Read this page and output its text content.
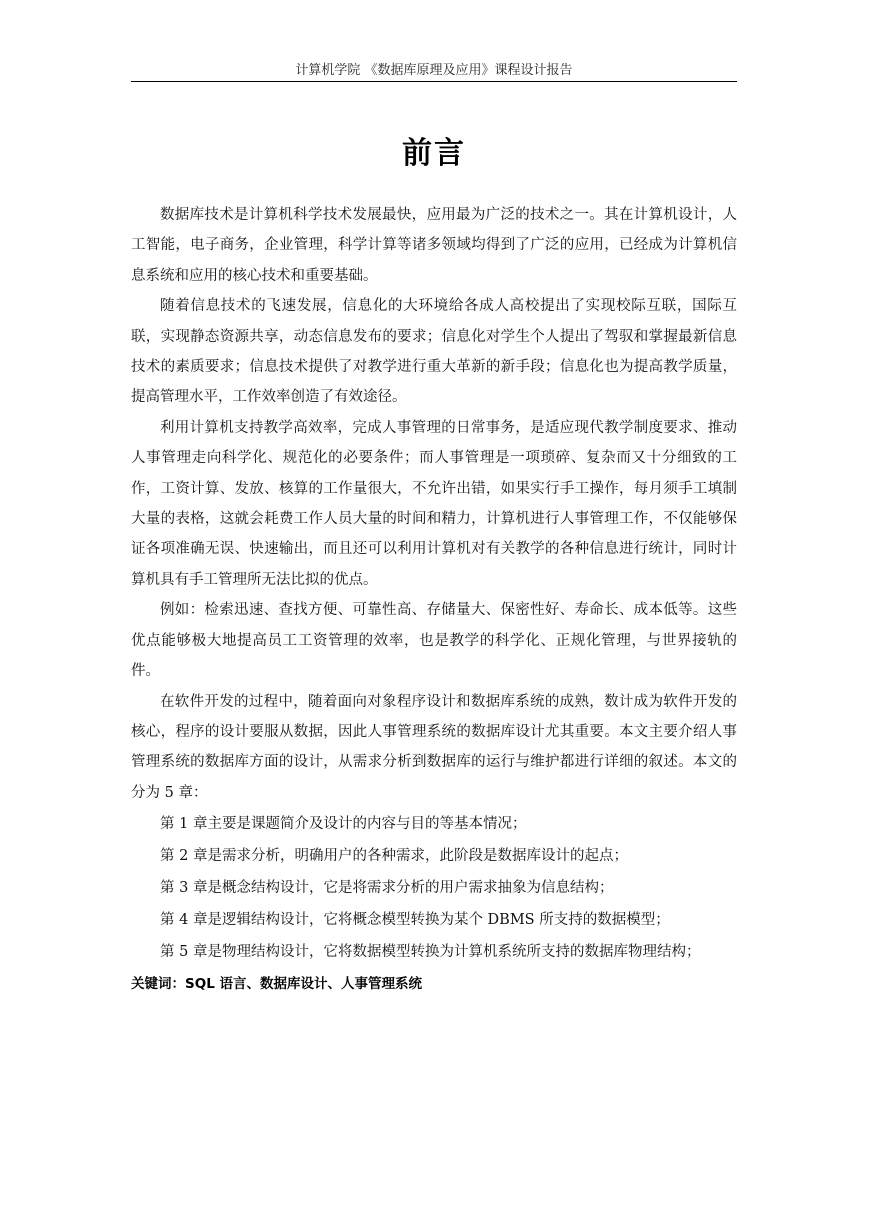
计算机学院 《数据库原理及应用》课程设计报告
前言

数据库技术是计算机科学技术发展最快，应用最为广泛的技术之一。其在计算机设计，人工智能，电子商务，企业管理，科学计算等诸多领域均得到了广泛的应用，已经成为计算机信息系统和应用的核心技术和重要基础。

随着信息技术的飞速发展，信息化的大环境给各成人高校提出了实现校际互联，国际互联，实现静态资源共享，动态信息发布的要求；信息化对学生个人提出了驾驭和掌握最新信息技术的素质要求；信息技术提供了对教学进行重大革新的新手段；信息化也为提高教学质量，提高管理水平，工作效率创造了有效途径。

利用计算机支持教学高效率，完成人事管理的日常事务，是适应现代教学制度要求、推动人事管理走向科学化、规范化的必要条件；而人事管理是一项琐碎、复杂而又十分细致的工作，工资计算、发放、核算的工作量很大，不允许出错，如果实行手工操作，每月须手工填制大量的表格，这就会耗费工作人员大量的时间和精力，计算机进行人事管理工作，不仅能够保证各项准确无误、快速输出，而且还可以利用计算机对有关教学的各种信息进行统计，同时计算机具有手工管理所无法比拟的优点。

例如：检索迅速、查找方便、可靠性高、存储量大、保密性好、寿命长、成本低等。这些优点能够极大地提高员工工资管理的效率，也是教学的科学化、正规化管理，与世界接轨的件。

在软件开发的过程中，随着面向对象程序设计和数据库系统的成熟，数计成为软件开发的核心，程序的设计要服从数据，因此人事管理系统的数据库设计尤其重要。本文主要介绍人事管理系统的数据库方面的设计，从需求分析到数据库的运行与维护都进行详细的叙述。本文的分为 5 章：

第 1 章主要是课题简介及设计的内容与目的等基本情况；
第 2 章是需求分析，明确用户的各种需求，此阶段是数据库设计的起点；
第 3 章是概念结构设计，它是将需求分析的用户需求抽象为信息结构；
第 4 章是逻辑结构设计，它将概念模型转换为某个 DBMS 所支持的数据模型；
第 5 章是物理结构设计，它将数据模型转换为计算机系统所支持的数据库物理结构；
关键词：SQL 语言、数据库设计、人事管理系统
